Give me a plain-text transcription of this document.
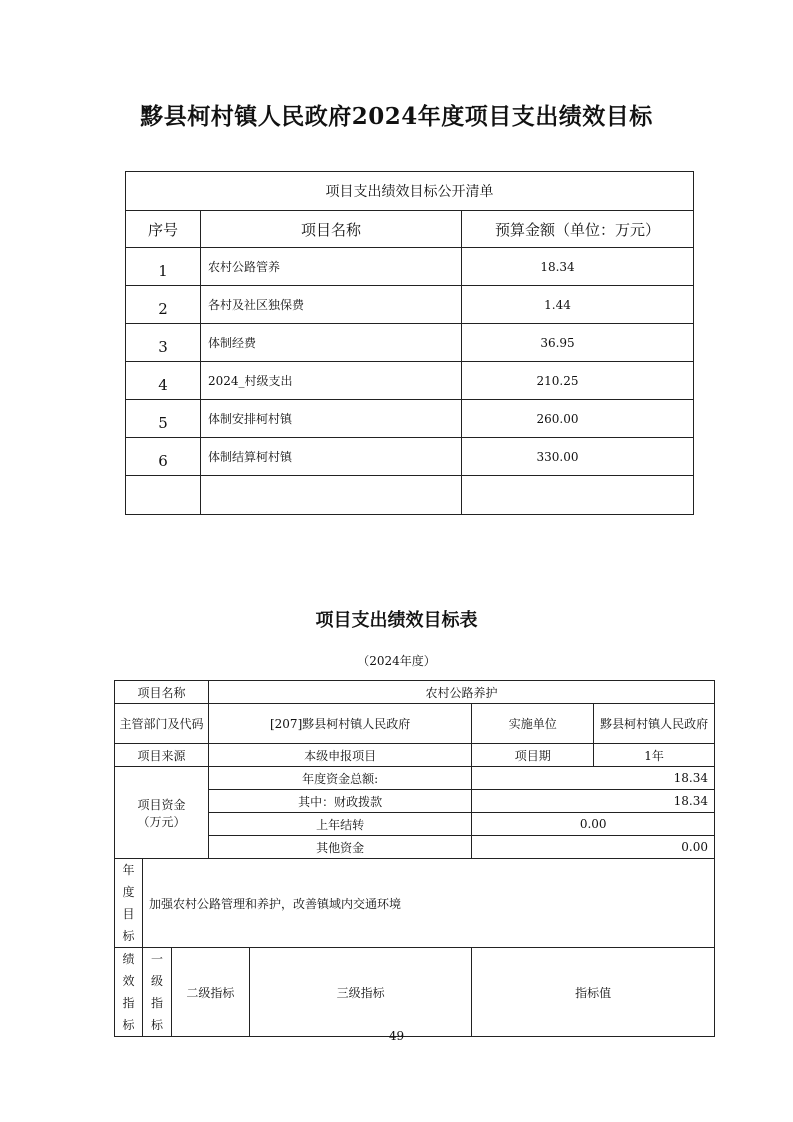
黟县柯村镇人民政府2024年度项目支出绩效目标
项目支出绩效目标公开清单		
序号	项目名称	预算金额（单位：万元）
1	农村公路管养	18.34
2	各村及社区独保费	1.44
3	体制经费	36.95
4	2024_村级支出	210.25
5	体制安排柯村镇	260.00
6	体制结算柯村镇	330.00

项目支出绩效目标表
（2024年度）
项目名称			农村公路养护			
主管部门及代码			[207]黟县柯村镇人民政府		实施单位	黟县柯村镇人民政府
项目来源			本级申报项目		项目期	1年
项目资金（万元）			年度资金总额:		18.34	
			其中：财政拨款		18.34	
			上年结转		0.00	
			其他资金		0.00	
年度目标	加强农村公路管理和养护，改善镇域内交通环境					
绩效指标	一级指标	二级指标		三级指标	指标值	
49
